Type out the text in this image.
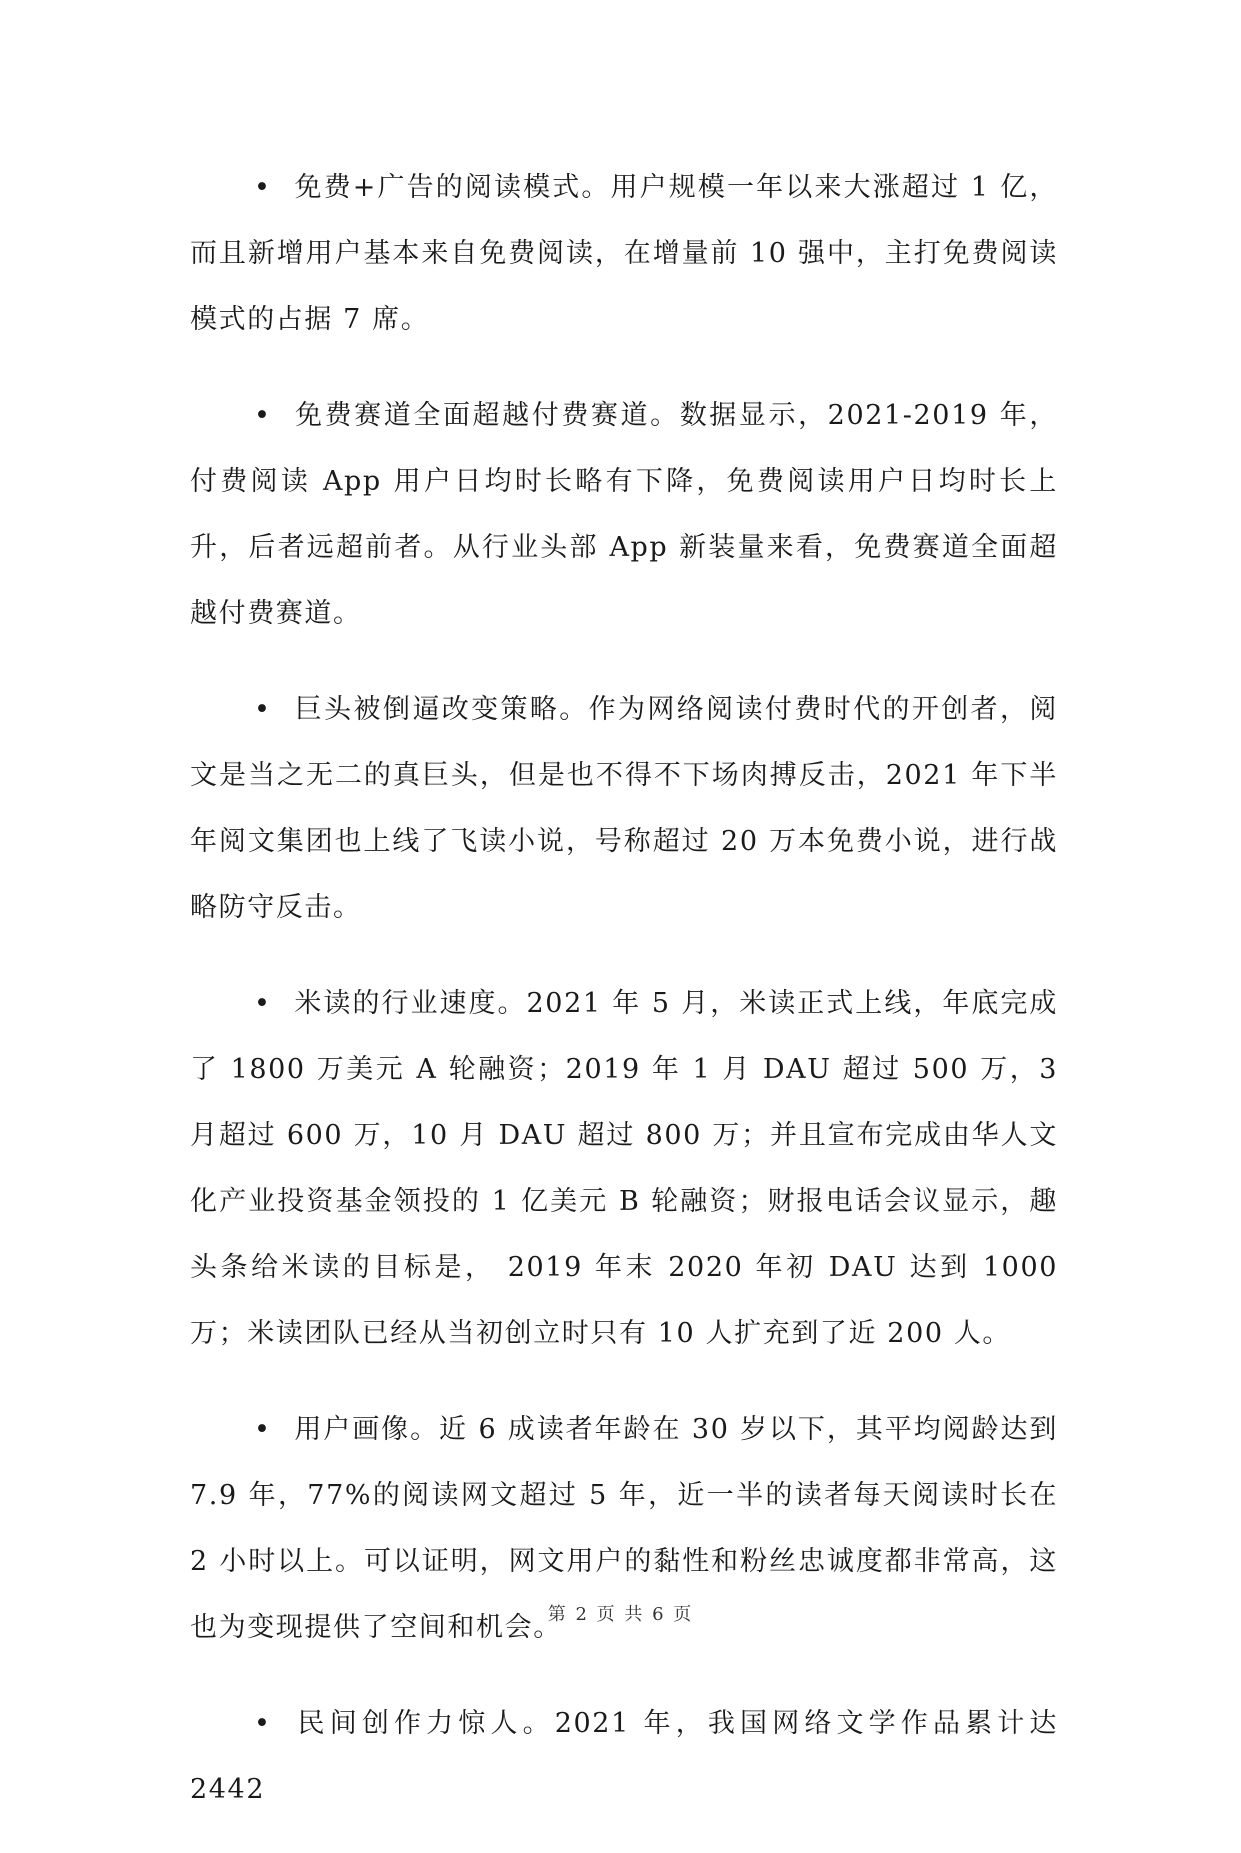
• 免费+广告的阅读模式。用户规模一年以来大涨超过 1 亿，而且新增用户基本来自免费阅读，在增量前 10 强中，主打免费阅读模式的占据 7 席。

• 免费赛道全面超越付费赛道。数据显示，2021-2019 年，付费阅读 App 用户日均时长略有下降，免费阅读用户日均时长上升，后者远超前者。从行业头部 App 新装量来看，免费赛道全面超越付费赛道。

• 巨头被倒逼改变策略。作为网络阅读付费时代的开创者，阅文是当之无二的真巨头，但是也不得不下场肉搏反击，2021 年下半年阅文集团也上线了飞读小说，号称超过 20 万本免费小说，进行战略防守反击。

• 米读的行业速度。2021 年 5 月，米读正式上线，年底完成了 1800 万美元 A 轮融资；2019 年 1 月 DAU 超过 500 万，3 月超过 600 万，10 月 DAU 超过 800 万；并且宣布完成由华人文化产业投资基金领投的 1 亿美元 B 轮融资；财报电话会议显示，趣头条给米读的目标是， 2019 年末 2020 年初 DAU 达到 1000 万；米读团队已经从当初创立时只有 10 人扩充到了近 200 人。

• 用户画像。近 6 成读者年龄在 30 岁以下，其平均阅龄达到 7.9 年，77%的阅读网文超过 5 年，近一半的读者每天阅读时长在 2 小时以上。可以证明，网文用户的黏性和粉丝忠诚度都非常高，这也为变现提供了空间和机会。

• 民间创作力惊人。2021 年，我国网络文学作品累计达 2442

第 2 页 共 6 页
